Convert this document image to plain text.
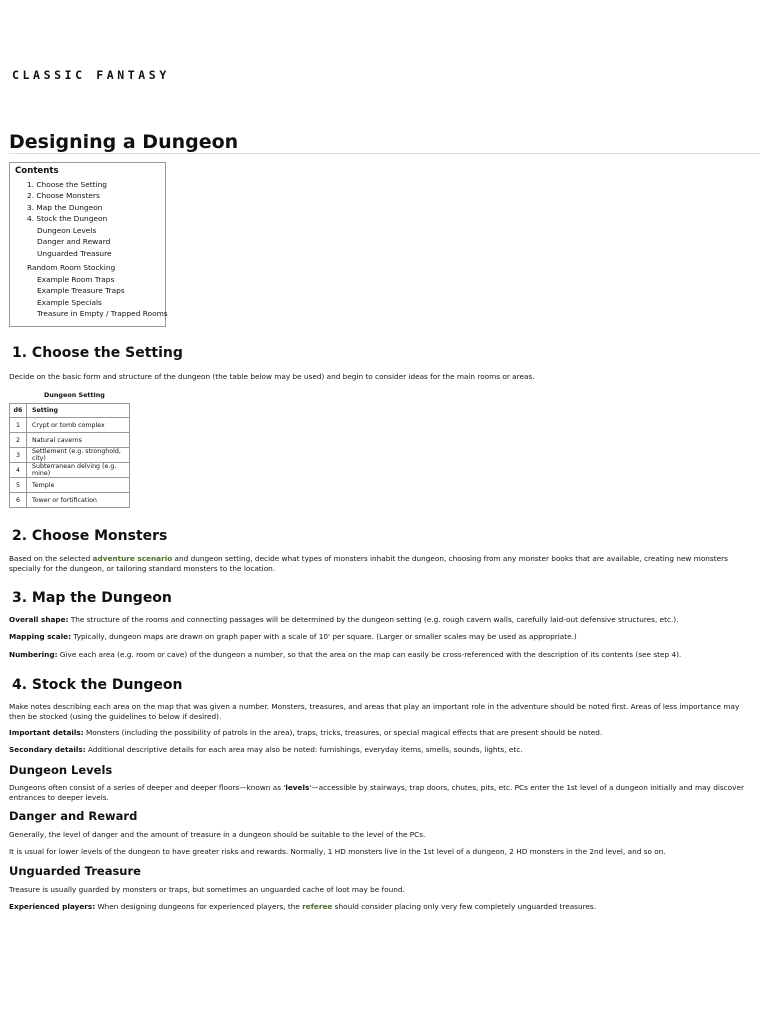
CLASSIC FANTASY
Designing a Dungeon
Contents
1. Choose the Setting
2. Choose Monsters
3. Map the Dungeon
4. Stock the Dungeon
Dungeon Levels
Danger and Reward
Unguarded Treasure
Random Room Stocking
Example Room Traps
Example Treasure Traps
Example Specials
Treasure in Empty / Trapped Rooms
1. Choose the Setting

Decide on the basic form and structure of the dungeon (the table below may be used) and begin to consider ideas for the main rooms or areas.

Dungeon Setting
d6	Setting
1	Crypt or tomb complex
2	Natural caverns
3	Settlement (e.g. stronghold, city)
4	Subterranean delving (e.g. mine)
5	Temple
6	Tower or fortification
2. Choose Monsters

Based on the selected adventure scenario and dungeon setting, decide what types of monsters inhabit the dungeon, choosing from any monster books that are available, creating new monsters specially for the dungeon, or tailoring standard monsters to the location.

3. Map the Dungeon

Overall shape: The structure of the rooms and connecting passages will be determined by the dungeon setting (e.g. rough cavern walls, carefully laid-out defensive structures, etc.).

Mapping scale: Typically, dungeon maps are drawn on graph paper with a scale of 10' per square. (Larger or smaller scales may be used as appropriate.)

Numbering: Give each area (e.g. room or cave) of the dungeon a number, so that the area on the map can easily be cross-referenced with the description of its contents (see step 4).

4. Stock the Dungeon

Make notes describing each area on the map that was given a number. Monsters, treasures, and areas that play an important role in the adventure should be noted first. Areas of less importance may then be stocked (using the guidelines to below if desired).

Important details: Monsters (including the possibility of patrols in the area), traps, tricks, treasures, or special magical effects that are present should be noted.

Secondary details: Additional descriptive details for each area may also be noted: furnishings, everyday items, smells, sounds, lights, etc.

Dungeon Levels

Dungeons often consist of a series of deeper and deeper floors—known as 'levels'—accessible by stairways, trap doors, chutes, pits, etc. PCs enter the 1st level of a dungeon initially and may discover entrances to deeper levels.

Danger and Reward

Generally, the level of danger and the amount of treasure in a dungeon should be suitable to the level of the PCs.

It is usual for lower levels of the dungeon to have greater risks and rewards. Normally, 1 HD monsters live in the 1st level of a dungeon, 2 HD monsters in the 2nd level, and so on.

Unguarded Treasure

Treasure is usually guarded by monsters or traps, but sometimes an unguarded cache of loot may be found.

Experienced players: When designing dungeons for experienced players, the referee should consider placing only very few completely unguarded treasures.
